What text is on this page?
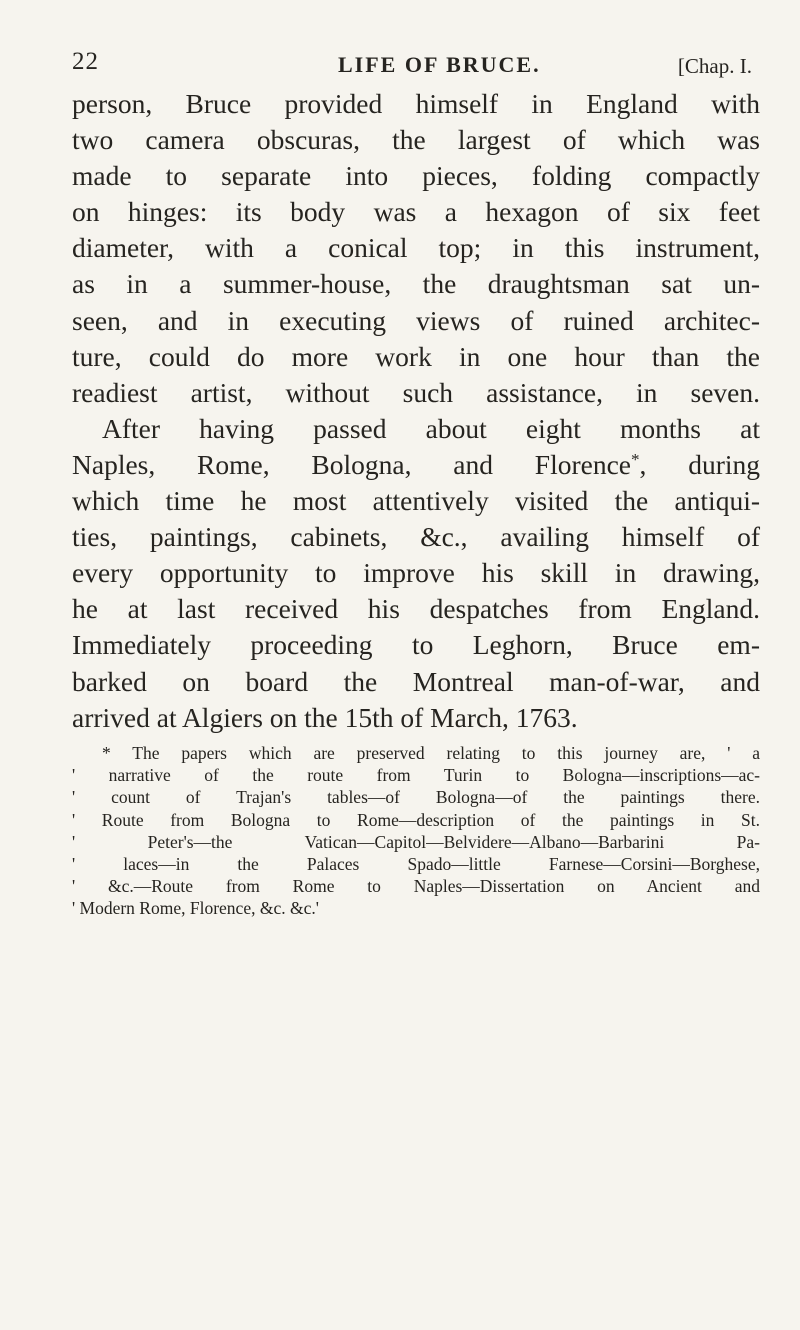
22	LIFE OF BRUCE.	[Chap. I.
person, Bruce provided himself in England with
two camera obscuras, the largest of which was
made to separate into pieces, folding compactly
on hinges: its body was a hexagon of six feet
diameter, with a conical top; in this instrument,
as in a summer-house, the draughtsman sat un-
seen, and in executing views of ruined architec-
ture, could do more work in one hour than the
readiest artist, without such assistance, in seven.
After having passed about eight months at
Naples, Rome, Bologna, and Florence*, during
which time he most attentively visited the antiqui-
ties, paintings, cabinets, &c., availing himself of
every opportunity to improve his skill in drawing,
he at last received his despatches from England.
Immediately proceeding to Leghorn, Bruce em-
barked on board the Montreal man-of-war, and
arrived at Algiers on the 15th of March, 1763.
* The papers which are preserved relating to this journey are, ' a
' narrative of the route from Turin to Bologna—inscriptions—ac-
' count of Trajan's tables—of Bologna—of the paintings there.
' Route from Bologna to Rome—description of the paintings in St.
' Peter's—the Vatican—Capitol—Belvidere—Albano—Barbarini Pa-
' laces—in the Palaces Spado—little Farnese—Corsini—Borghese,
' &c.—Route from Rome to Naples—Dissertation on Ancient and
' Modern Rome, Florence, &c. &c.'
